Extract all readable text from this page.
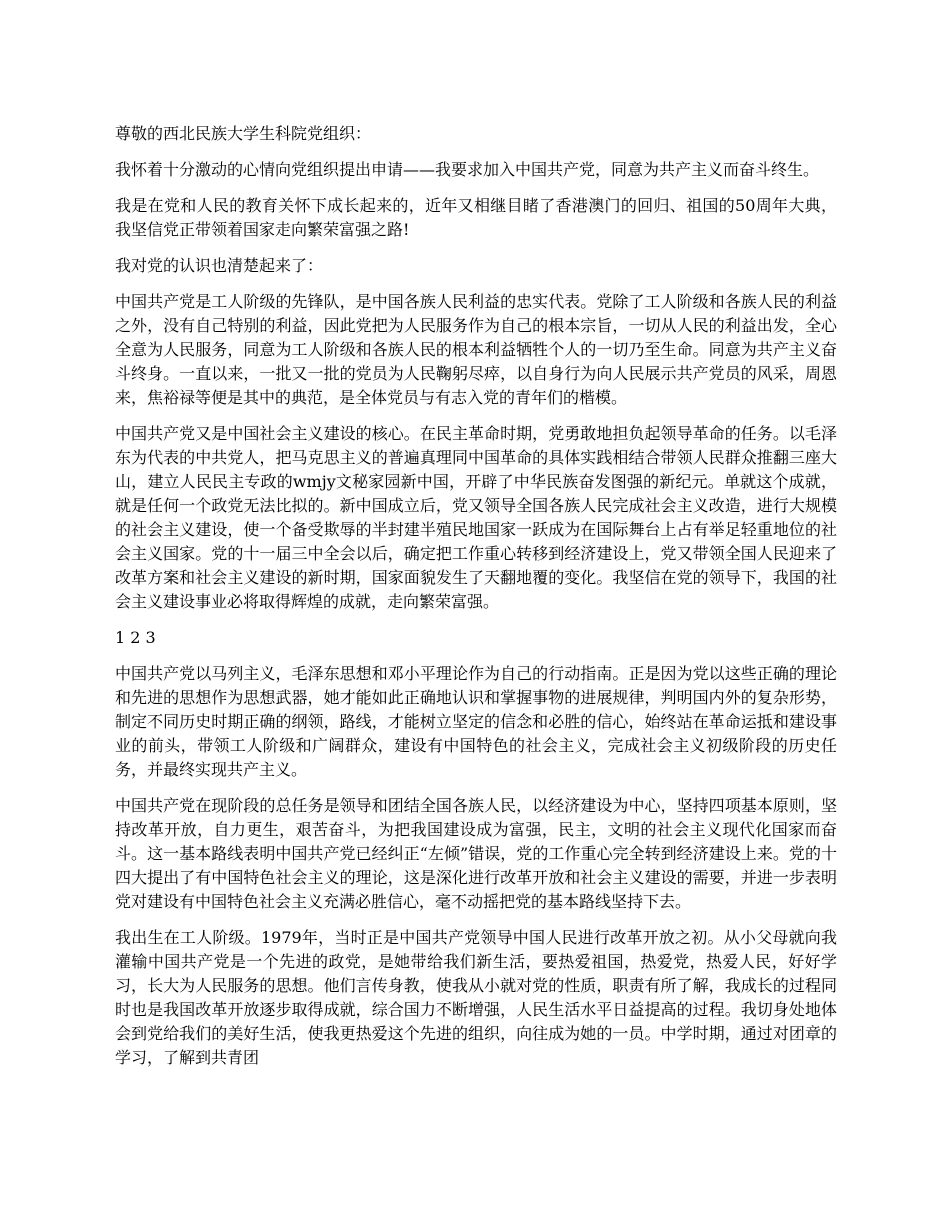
尊敬的西北民族大学生科院党组织：

我怀着十分激动的心情向党组织提出申请——我要求加入中国共产党，同意为共产主义而奋斗终生。

我是在党和人民的教育关怀下成长起来的，近年又相继目睹了香港澳门的回归、祖国的50周年大典，我坚信党正带领着国家走向繁荣富强之路!

我对党的认识也清楚起来了：

中国共产党是工人阶级的先锋队，是中国各族人民利益的忠实代表。党除了工人阶级和各族人民的利益之外，没有自己特别的利益，因此党把为人民服务作为自己的根本宗旨，一切从人民的利益出发，全心全意为人民服务，同意为工人阶级和各族人民的根本利益牺牲个人的一切乃至生命。同意为共产主义奋斗终身。一直以来，一批又一批的党员为人民鞠躬尽瘁，以自身行为向人民展示共产党员的风采，周恩来，焦裕禄等便是其中的典范，是全体党员与有志入党的青年们的楷模。

中国共产党又是中国社会主义建设的核心。在民主革命时期，党勇敢地担负起领导革命的任务。以毛泽东为代表的中共党人，把马克思主义的普遍真理同中国革命的具体实践相结合带领人民群众推翻三座大山，建立人民民主专政的wmjy文秘家园新中国，开辟了中华民族奋发图强的新纪元。单就这个成就，就是任何一个政党无法比拟的。新中国成立后，党又领导全国各族人民完成社会主义改造，进行大规模的社会主义建设，使一个备受欺辱的半封建半殖民地国家一跃成为在国际舞台上占有举足轻重地位的社会主义国家。党的十一届三中全会以后，确定把工作重心转移到经济建设上，党又带领全国人民迎来了改革方案和社会主义建设的新时期，国家面貌发生了天翻地覆的变化。我坚信在党的领导下，我国的社会主义建设事业必将取得辉煌的成就，走向繁荣富强。

1 2 3

中国共产党以马列主义，毛泽东思想和邓小平理论作为自己的行动指南。正是因为党以这些正确的理论和先进的思想作为思想武器，她才能如此正确地认识和掌握事物的进展规律，判明国内外的复杂形势，制定不同历史时期正确的纲领，路线，才能树立坚定的信念和必胜的信心，始终站在革命运抵和建设事业的前头，带领工人阶级和广阔群众，建设有中国特色的社会主义，完成社会主义初级阶段的历史任务，并最终实现共产主义。

中国共产党在现阶段的总任务是领导和团结全国各族人民，以经济建设为中心，坚持四项基本原则，坚持改革开放，自力更生，艰苦奋斗，为把我国建设成为富强，民主，文明的社会主义现代化国家而奋斗。这一基本路线表明中国共产党已经纠正“左倾”错误，党的工作重心完全转到经济建设上来。党的十四大提出了有中国特色社会主义的理论，这是深化进行改革开放和社会主义建设的需要，并进一步表明党对建设有中国特色社会主义充满必胜信心，毫不动摇把党的基本路线坚持下去。

我出生在工人阶级。1979年，当时正是中国共产党领导中国人民进行改革开放之初。从小父母就向我灌输中国共产党是一个先进的政党，是她带给我们新生活，要热爱祖国，热爱党，热爱人民，好好学习，长大为人民服务的思想。他们言传身教，使我从小就对党的性质，职责有所了解，我成长的过程同时也是我国改革开放逐步取得成就，综合国力不断增强，人民生活水平日益提高的过程。我切身处地体会到党给我们的美好生活，使我更热爱这个先进的组织，向往成为她的一员。中学时期，通过对团章的学习，了解到共青团
